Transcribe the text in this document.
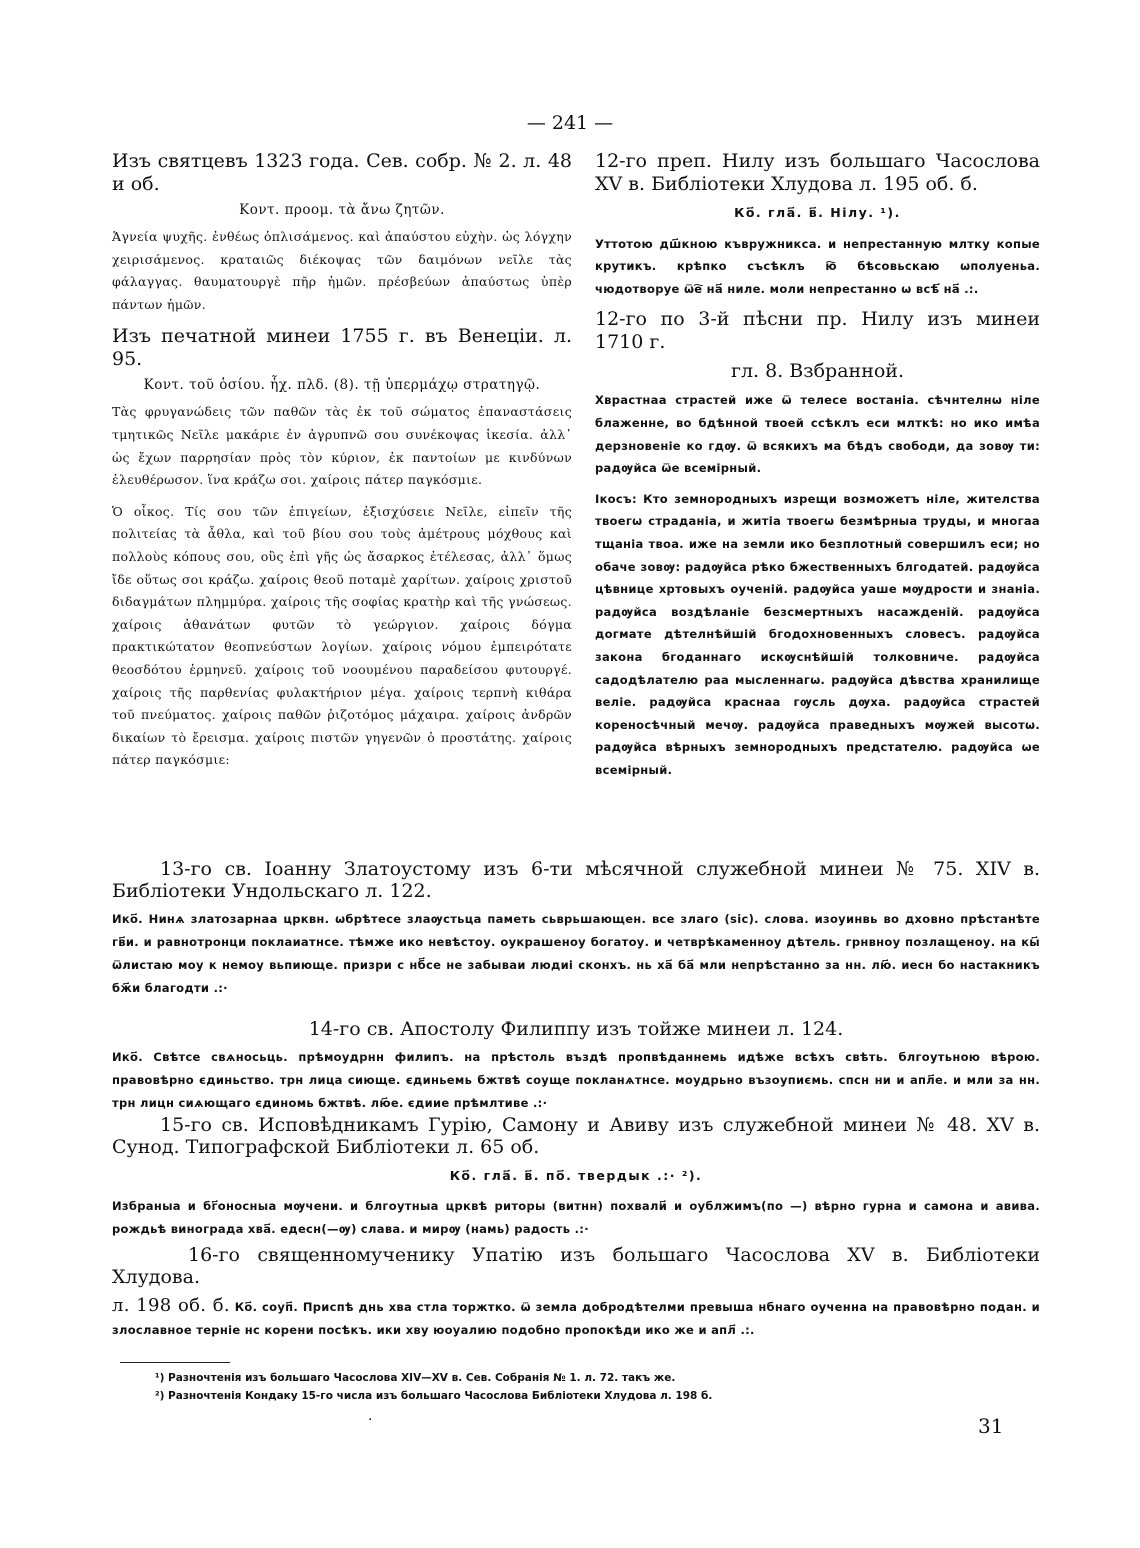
— 241 —

Изъ святцевъ 1323 года. Сев. собр. № 2. л. 48 и об.

Κοντ. προομ. τὰ ἄνω ζητῶν.

Ἁγνεία ψυχῆς. ἐνθέως ὁπλισάμενος. καὶ ἀπαύστου εὐχὴν. ὡς λόγχην χειρισάμενος. κραταιῶς διέκοψας τῶν δαιμόνων νεῖλε τὰς φάλαγγας. θαυματουργὲ πῆρ ἡμῶν. πρέσβεύων ἀπαύστως ὑπὲρ πάντων ἡμῶν.

Изъ печатной минеи 1755 г. въ Венеціи. л. 95.

Κοντ. τοῦ ὁσίου. ἦχ. πλδ. (8). τῇ ὑπερμάχῳ στρατηγῷ.

Τὰς φρυγανώδεις τῶν παθῶν τὰς ἐκ τοῦ σώματος ἐπαναστάσεις τμητικῶς Νεῖλε μακάριε ἐν ἀγρυπνῶ σου συνέκοψας ἱκεσία. ἀλλ᾽ ὡς ἔχων παρρησίαν πρὸς τὸν κύριον, ἐκ παντοίων με κινδύνων ἐλευθέρωσον. ἵνα κράζω σοι. χαίροις πάτερ παγκόσμιε.

Ὁ οἶκος. Τίς σου τῶν ἐπιγείων, ἐξισχύσειε Νεῖλε, εἰπεῖν τῆς πολιτείας τὰ ἆθλα, καὶ τοῦ βίου σου τοὺς ἀμέτρους μόχθους καὶ πολλοὺς κόπους σου, οὓς ἐπὶ γῆς ὡς ἄσαρκος ἐτέλεσας, ἀλλ᾽ ὅμως ἴδε οὕτως σοι κράζω. χαίροις θεοῦ ποταμὲ χαρίτων. χαίροις χριστοῦ διδαγμάτων πλημμύρα. χαίροις τῆς σοφίας κρατὴρ καὶ τῆς γνώσεως. χαίροις ἀθανάτων φυτῶν τὸ γεώργιον. χαίροις δόγμα πρακτικώτατον θεοπνεύστων λογίων. χαίροις νόμου ἐμπειρότατε θεοσδότου ἑρμηνεῦ. χαίροις τοῦ νοουμένου παραδείσου φυτουργέ. χαίροις τῆς παρθενίας φυλακτήριον μέγα. χαίροις τερπνὴ κιθάρα τοῦ πνεύματος. χαίροις παθῶν ῥιζοτόμος μάχαιρα. χαίροις ἀνδρῶν δικαίων τὸ ἔρεισμα. χαίροις πιστῶν γηγενῶν ὁ προστάτης. χαίροις πάτερ παγκόσμιε:

12-го преп. Нилу изъ большаго Часослова XV в. Библіотеки Хлудова л. 195 об. б.

Ко҃. гла҃. в҃. Нілу. ¹).

Уттотою дш҃кною къвружникса. и непрестанную млтку копые крутикъ. крѣпко съсѣклъ ю҇ бѣсовьскаю ѡполуеньа. чюдотворуе ѿе҇ на҃ ниле. моли непрестанно ѡ всѣ҃ на҃ .:.

12-го по 3-й пѣсни пр. Нилу изъ минеи 1710 г.

гл. 8. Взбранной.

Хврастнаа страстей иже ѿ телесе востаніа. сѣчнтелнѡ ніле блаженне, во бдѣнной твоей ссѣклъ еси млткѣ: но ико имѣа дерзновеніе ко гдѹ. ѿ всякихъ ма бѣдъ свободи, да зовѹ ти: радѹйса ѿе всемірный.

Ікосъ: Кто земнородныхъ изрещи возможетъ ніле, жителства твоегѡ страданіа, и житіа твоегѡ безмѣрныа труды, и многаа тщаніа твоа. иже на земли ико безплотный совершилъ еси; но обаче зовѹ: радѹйса рѣко бжественныхъ блгодатей. радѹйса цѣвнице хртовыхъ оученій. радѹйса уаше мѹдрости и знаніа. радѹйса воздѣланіе безсмертныхъ насажденій. радѹйса догмате дѣтелнѣйшій бгодохновенныхъ словесъ. радѹйса закона бгоданнаго искѹснѣйшій толковниче. радѹйса садодѣлателю раа мысленнагѡ. радѹйса дѣвства хранилище веліе. радѹйса краснаа гѹсль дѹха. радѹйса страстей кореносѣчный мечѹ. радѹйса праведныхъ мѹжей высотѡ. радѹйса вѣрныхъ земнородныхъ предстателю. радѹйса ѡе всемірный.

13-го св. Іоанну Златоустому изъ 6-ти мѣсячной служебной минеи № 75. XIV в. Библіотеки Ундольскаго л. 122.

Ико҃. Нинѧ златозарнаа црквн. ѡбрѣтесе злаѹстьца паметь сьврьшающен. все злаго (sic). слова. изоуинвь во дховно прѣстанѣте гв҃и. и равнотронци поклаиатнсе. тѣмже ико невѣстоу. оукрашеноу богатоу. и четврѣкаменноу дѣтель. грнвноу позлащеноу. на кы҃ ѿлистаю моу к немоу вьпиюще. призри с нб҃се не забываи людиі сконхъ. нь ха҃ ба҃ мли непрѣстанно за нн. лю҃. иесн бо настакникъ бж҃и благодти .:·

14-го св. Апостолу Филиппу изъ тойже минеи л. 124.

Ико҃. Свѣтсе свѧносьць. прѣмоудрнн филипъ. на прѣстоль въздѣ пропвѣданнемь идѣже всѣхъ свѣть. блгоутьною вѣрою. правовѣрно єдиньство. трн лица сиюще. єдиньемь бжтвѣ соуще покланѧтнсе. моудрьно възоупиємь. спсн ни и апл҃е. и мли за нн. трн лицн сиѧющаго єдиномь бжтвѣ. лю҃е. єдиие прѣмлтиве .:·

15-го св. Исповѣдникамъ Гурію, Самону и Авиву изъ служебной минеи № 48. XV в. Сунод. Типографской Библіотеки л. 65 об.

Ко҃. гла҃. в҃. по҃. твердык .:· ²).

Избраныа и бг҃оносныа мѹчени. и блгоутныа црквѣ риторы (витнн) похвали҃ и оублжимъ(по —) вѣрно гурна и самона и авива. рождьѣ винограда хва҃. едесн(—ѹ) слава. и мирѹ (намь) радость .:·

16-го священномученику Упатію изъ большаго Часослова XV в. Библіотеки Хлудова.

л. 198 об. б. Ко҃. соуп҃. Приспѣ днь хва стла торжтко. ѿ земла добродѣтелми превыша нбнаго оученна на правовѣрно подан. и злославное терніе нс корени посѣкъ. ики хву юоуалию подобно пропокѣди ико же и апл҃ .:.

¹) Разночтенія изъ большаго Часослова XIV—XV в. Сев. Собранія № 1. л. 72. такъ же.
²) Разночтенія Кондаку 15-го числа изъ большаго Часослова Библіотеки Хлудова л. 198 б.
31
·
